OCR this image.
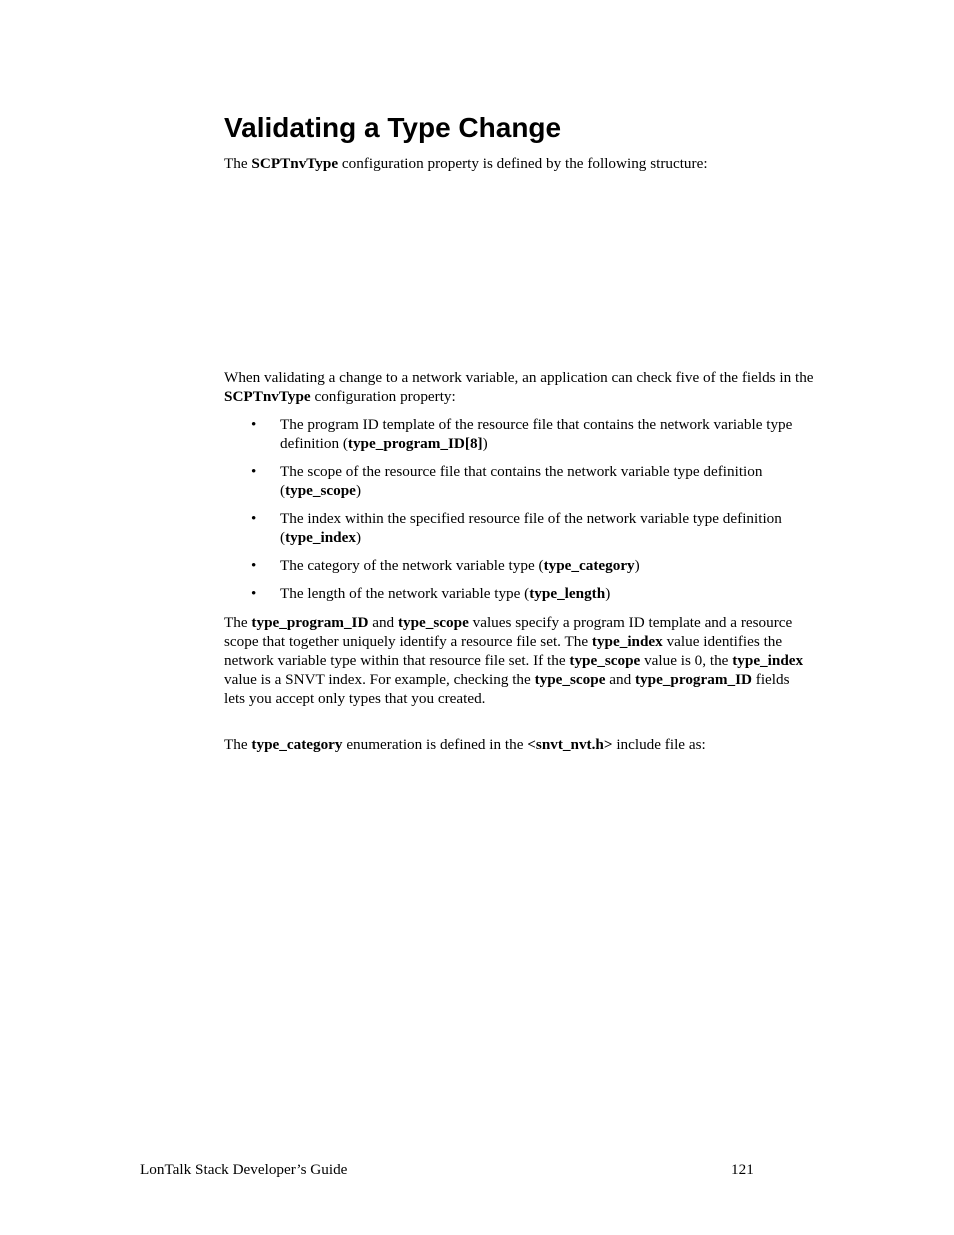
Validating a Type Change

The SCPTnvType configuration property is defined by the following structure:

When validating a change to a network variable, an application can check five of the fields in the SCPTnvType configuration property:

• The program ID template of the resource file that contains the network variable type definition (type_program_ID[8])
• The scope of the resource file that contains the network variable type definition (type_scope)
• The index within the specified resource file of the network variable type definition (type_index)
• The category of the network variable type (type_category)
• The length of the network variable type (type_length)

The type_program_ID and type_scope values specify a program ID template and a resource scope that together uniquely identify a resource file set. The type_index value identifies the network variable type within that resource file set. If the type_scope value is 0, the type_index value is a SNVT index. For example, checking the type_scope and type_program_ID fields lets you accept only types that you created.

The type_category enumeration is defined in the <snvt_nvt.h> include file as:

LonTalk Stack Developer’s Guide	121
